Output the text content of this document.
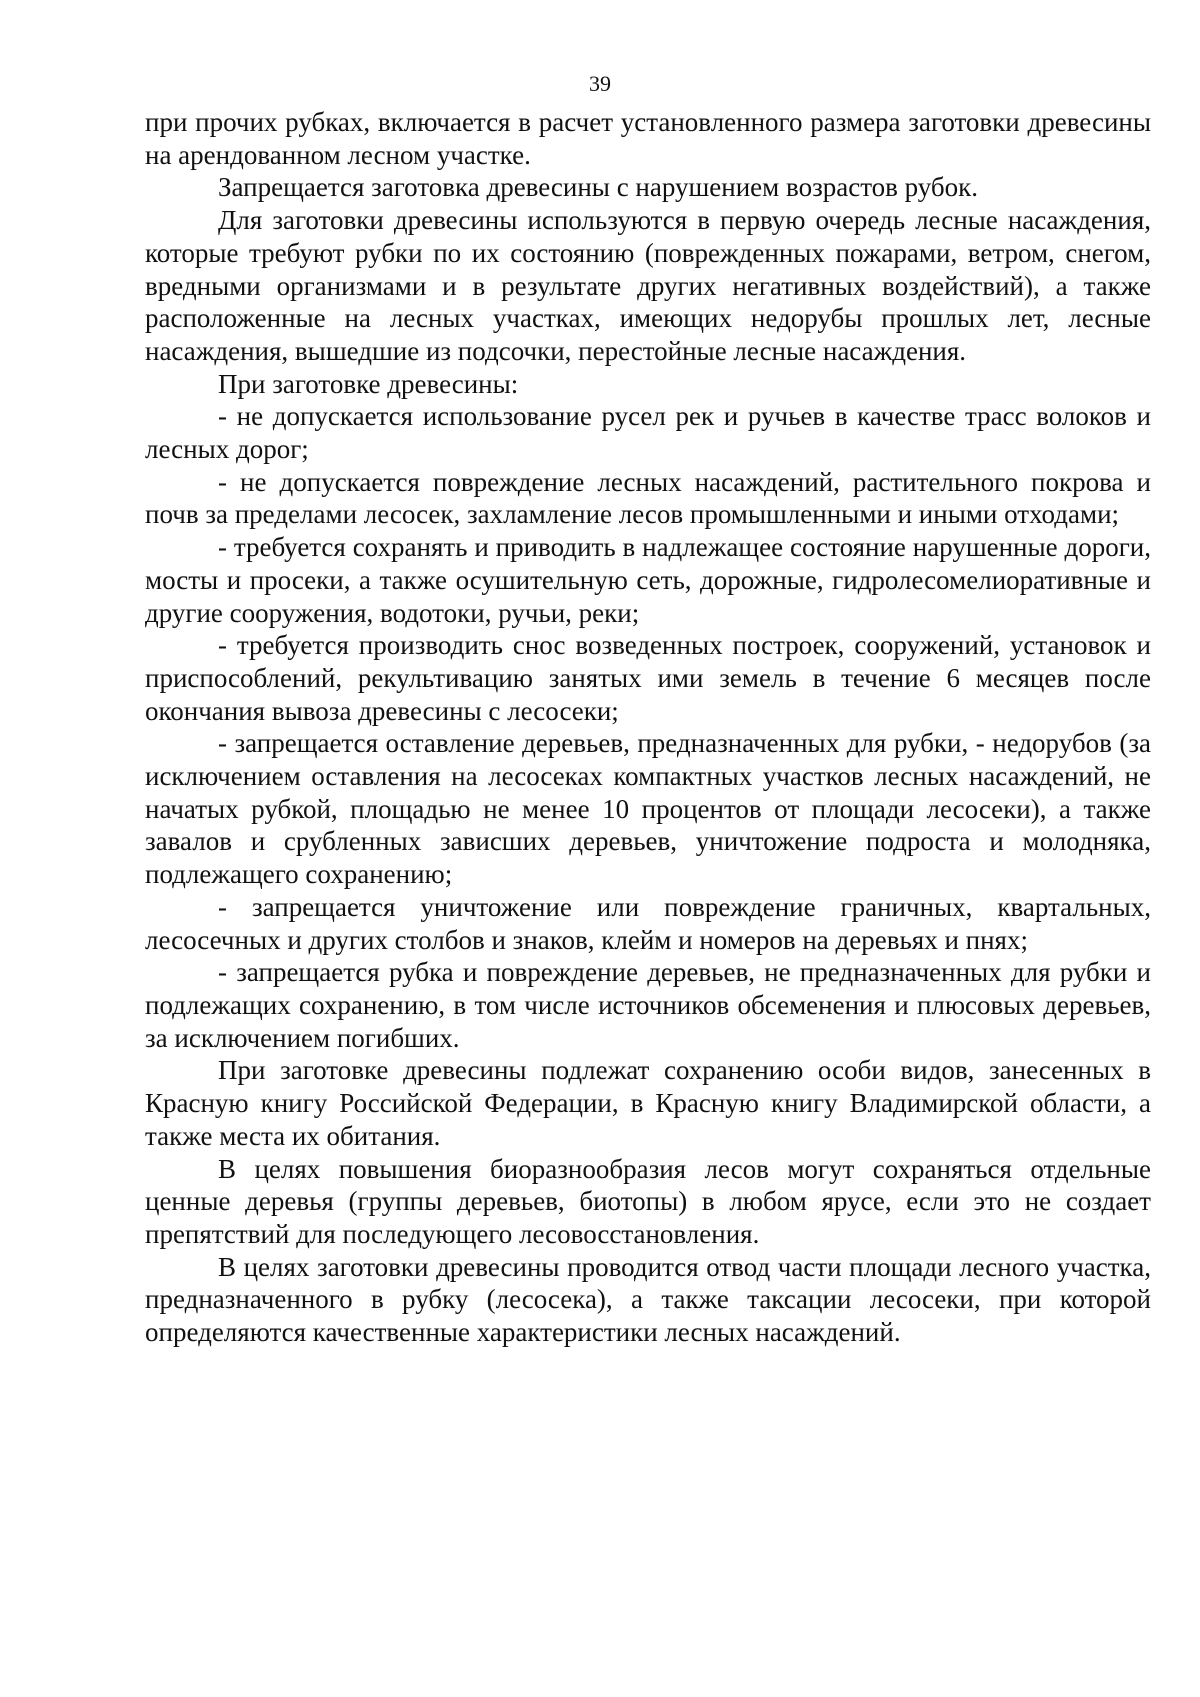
39

при прочих рубках, включается в расчет установленного размера заготовки древесины на арендованном лесном участке.

Запрещается заготовка древесины с нарушением возрастов рубок.

Для заготовки древесины используются в первую очередь лесные насаждения, которые требуют рубки по их состоянию (поврежденных пожарами, ветром, снегом, вредными организмами и в результате других негативных воздействий), а также расположенные на лесных участках, имеющих недорубы прошлых лет, лесные насаждения, вышедшие из подсочки, перестойные лесные насаждения.

При заготовке древесины:

- не допускается использование русел рек и ручьев в качестве трасс волоков и лесных дорог;

- не допускается повреждение лесных насаждений, растительного покрова и почв за пределами лесосек, захламление лесов промышленными и иными отходами;

- требуется сохранять и приводить в надлежащее состояние нарушенные дороги, мосты и просеки, а также осушительную сеть, дорожные, гидролесомелиоративные и другие сооружения, водотоки, ручьи, реки;

- требуется производить снос возведенных построек, сооружений, установок и приспособлений, рекультивацию занятых ими земель в течение 6 месяцев после окончания вывоза древесины с лесосеки;

- запрещается оставление деревьев, предназначенных для рубки, - недорубов (за исключением оставления на лесосеках компактных участков лесных насаждений, не начатых рубкой, площадью не менее 10 процентов от площади лесосеки), а также завалов и срубленных зависших деревьев, уничтожение подроста и молодняка, подлежащего сохранению;

- запрещается уничтожение или повреждение граничных, квартальных, лесосечных и других столбов и знаков, клейм и номеров на деревьях и пнях;

- запрещается рубка и повреждение деревьев, не предназначенных для рубки и подлежащих сохранению, в том числе источников обсеменения и плюсовых деревьев, за исключением погибших.

При заготовке древесины подлежат сохранению особи видов, занесенных в Красную книгу Российской Федерации, в Красную книгу Владимирской области, а также места их обитания.

В целях повышения биоразнообразия лесов могут сохраняться отдельные ценные деревья (группы деревьев, биотопы) в любом ярусе, если это не создает препятствий для последующего лесовосстановления.

В целях заготовки древесины проводится отвод части площади лесного участка, предназначенного в рубку (лесосека), а также таксации лесосеки, при которой определяются качественные характеристики лесных насаждений.
